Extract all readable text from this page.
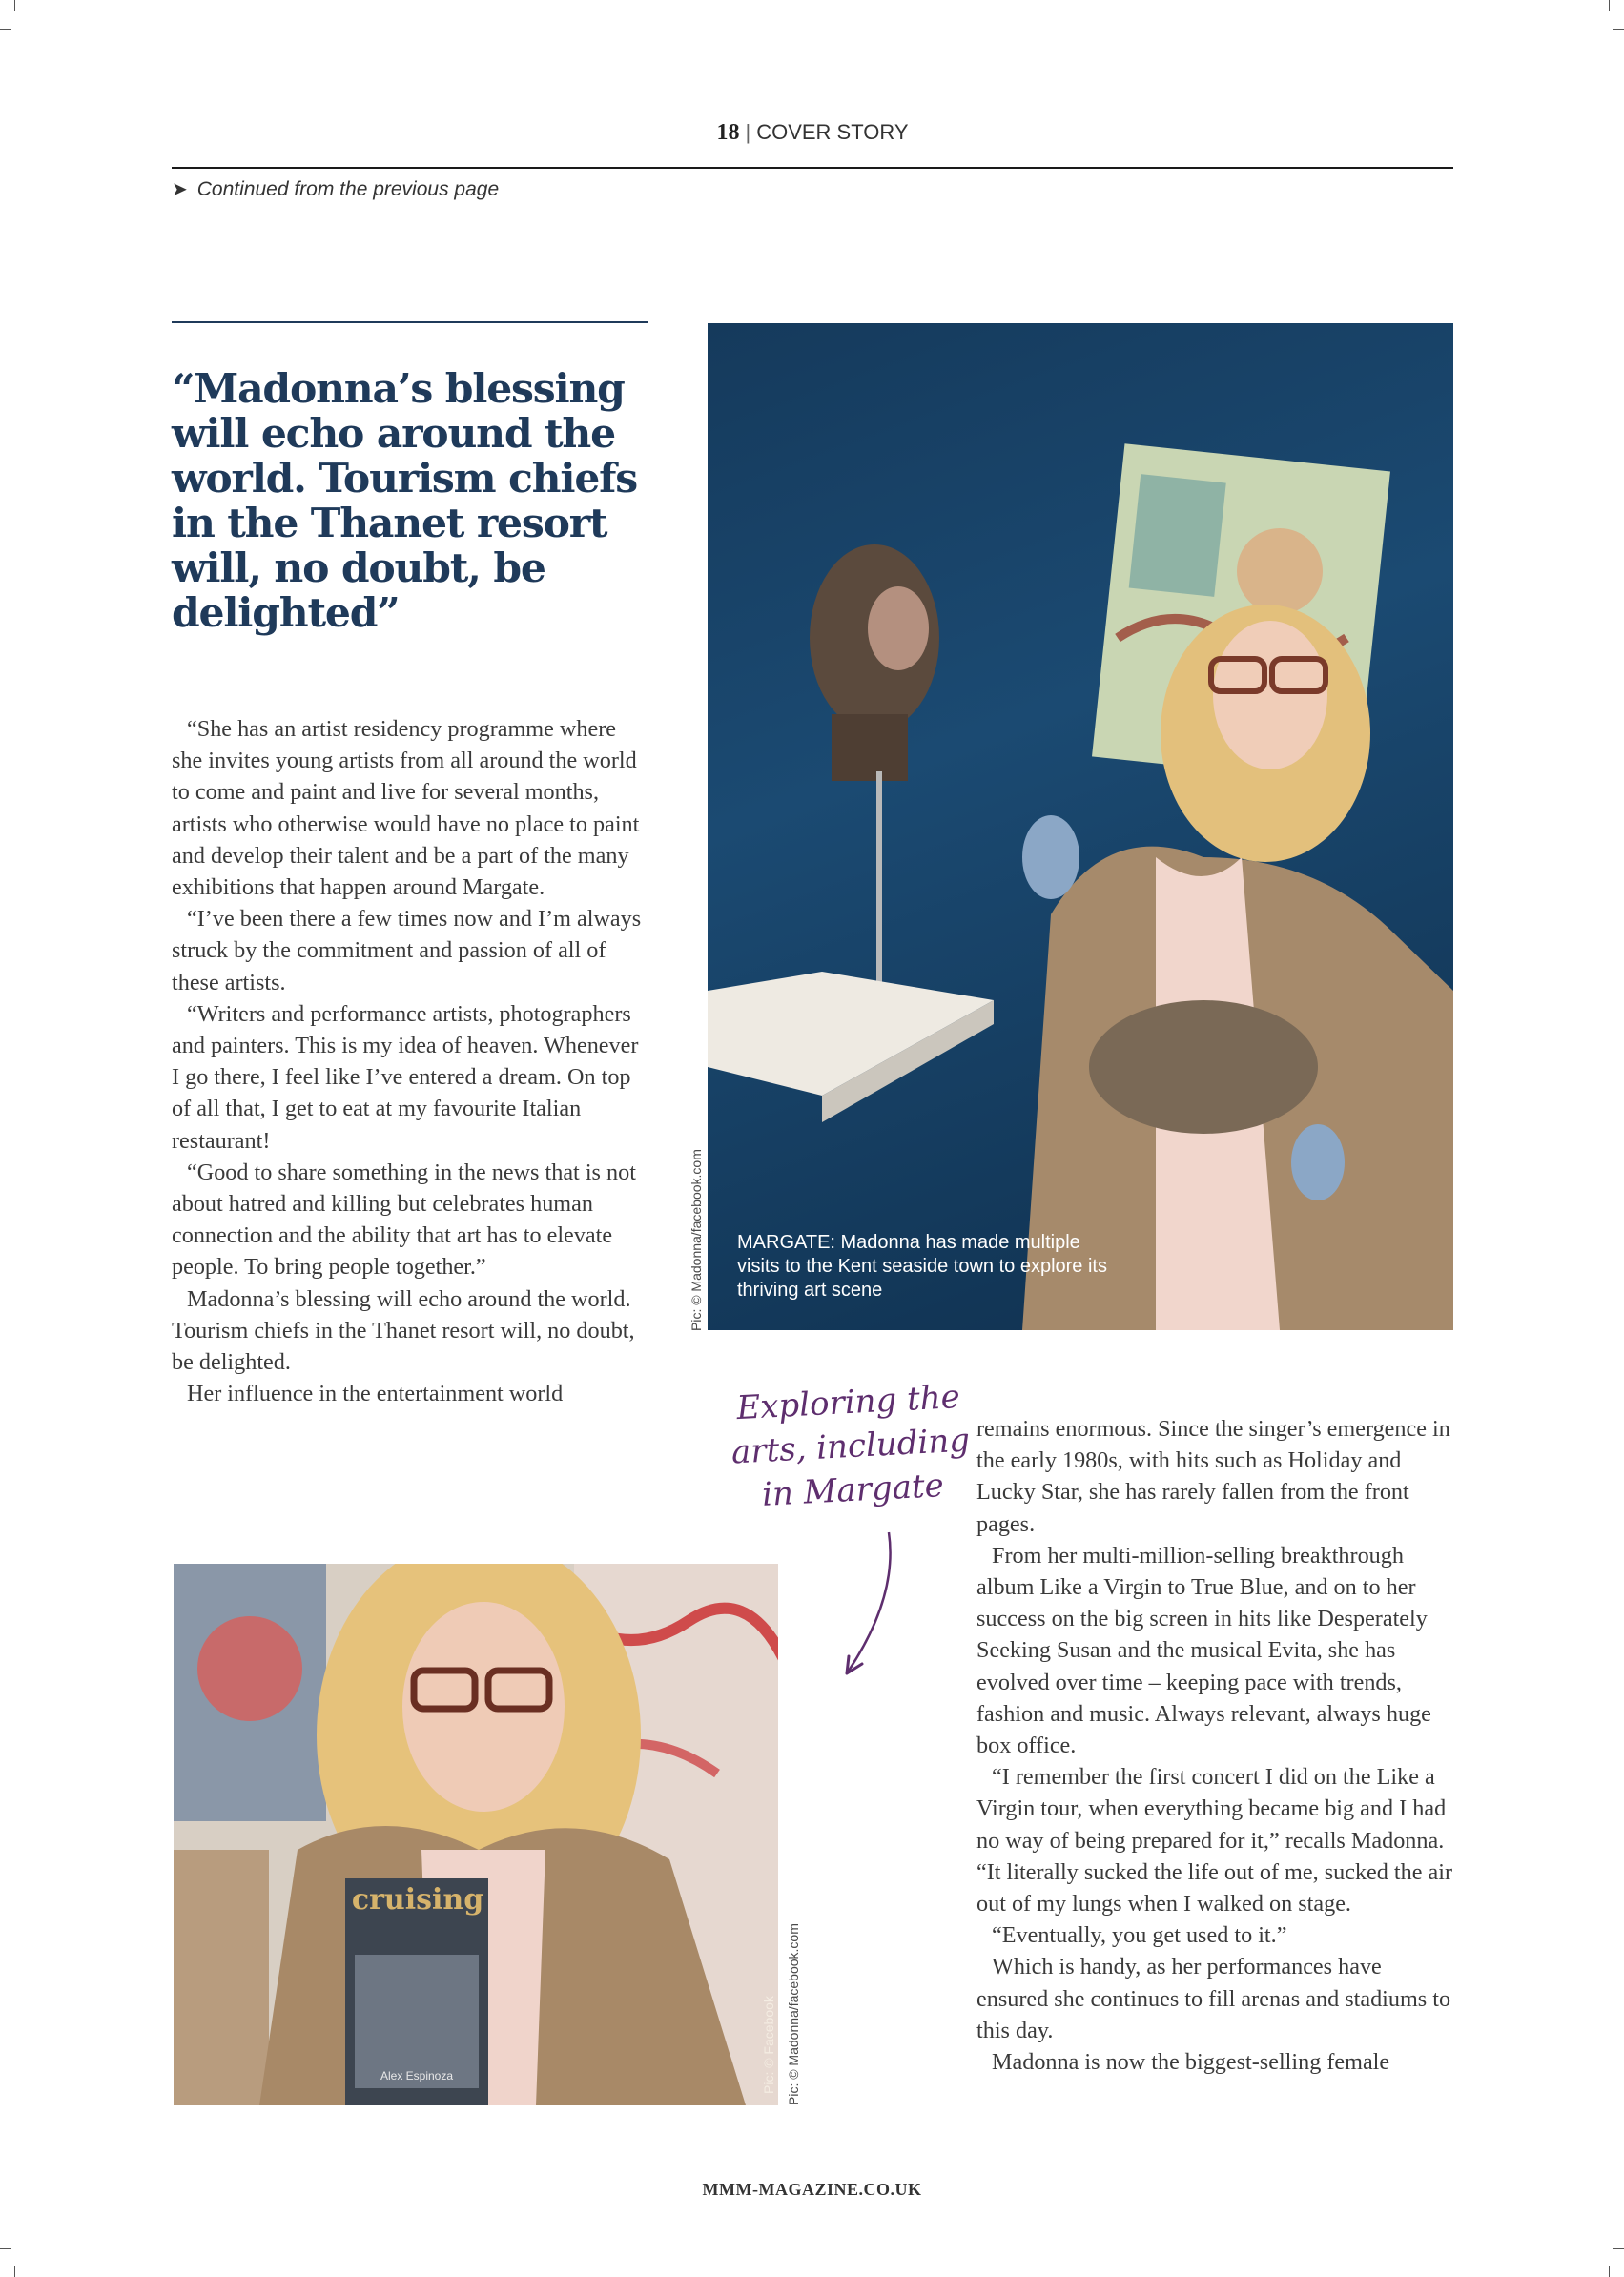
18 | COVER STORY
➤ Continued from the previous page
“Madonna’s blessing will echo around the world. Tourism chiefs in the Thanet resort will, no doubt, be delighted”

“She has an artist residency programme where she invites young artists from all around the world to come and paint and live for several months, artists who otherwise would have no place to paint and develop their talent and be a part of the many exhibitions that happen around Margate.

“I’ve been there a few times now and I’m always struck by the commitment and passion of all of these artists.

“Writers and performance artists, photographers and painters. This is my idea of heaven. Whenever I go there, I feel like I’ve entered a dream. On top of all that, I get to eat at my favourite Italian restaurant!

“Good to share something in the news that is not about hatred and killing but celebrates human connection and the ability that art has to elevate people. To bring people together.”

Madonna’s blessing will echo around the world. Tourism chiefs in the Thanet resort will, no doubt, be delighted.

Her influence in the entertainment world

MARGATE: Madonna has made multiple visits to the Kent seaside town to explore its thriving art scene
Pic: © Madonna/facebook.com
Exploring the
arts, including
in Margate
cruising
Alex Espinoza	Pic: © Facebook Pic: © Madonna/facebook.com

remains enormous. Since the singer’s emergence in the early 1980s, with hits such as Holiday and Lucky Star, she has rarely fallen from the front pages.

From her multi-million-selling breakthrough album Like a Virgin to True Blue, and on to her success on the big screen in hits like Desperately Seeking Susan and the musical Evita, she has evolved over time – keeping pace with trends, fashion and music. Always relevant, always huge box office.

“I remember the first concert I did on the Like a Virgin tour, when everything became big and I had no way of being prepared for it,” recalls Madonna. “It literally sucked the life out of me, sucked the air out of my lungs when I walked on stage.

“Eventually, you get used to it.”

Which is handy, as her performances have ensured she continues to fill arenas and stadiums to this day.

Madonna is now the biggest-selling female

MMM-MAGAZINE.CO.UK
